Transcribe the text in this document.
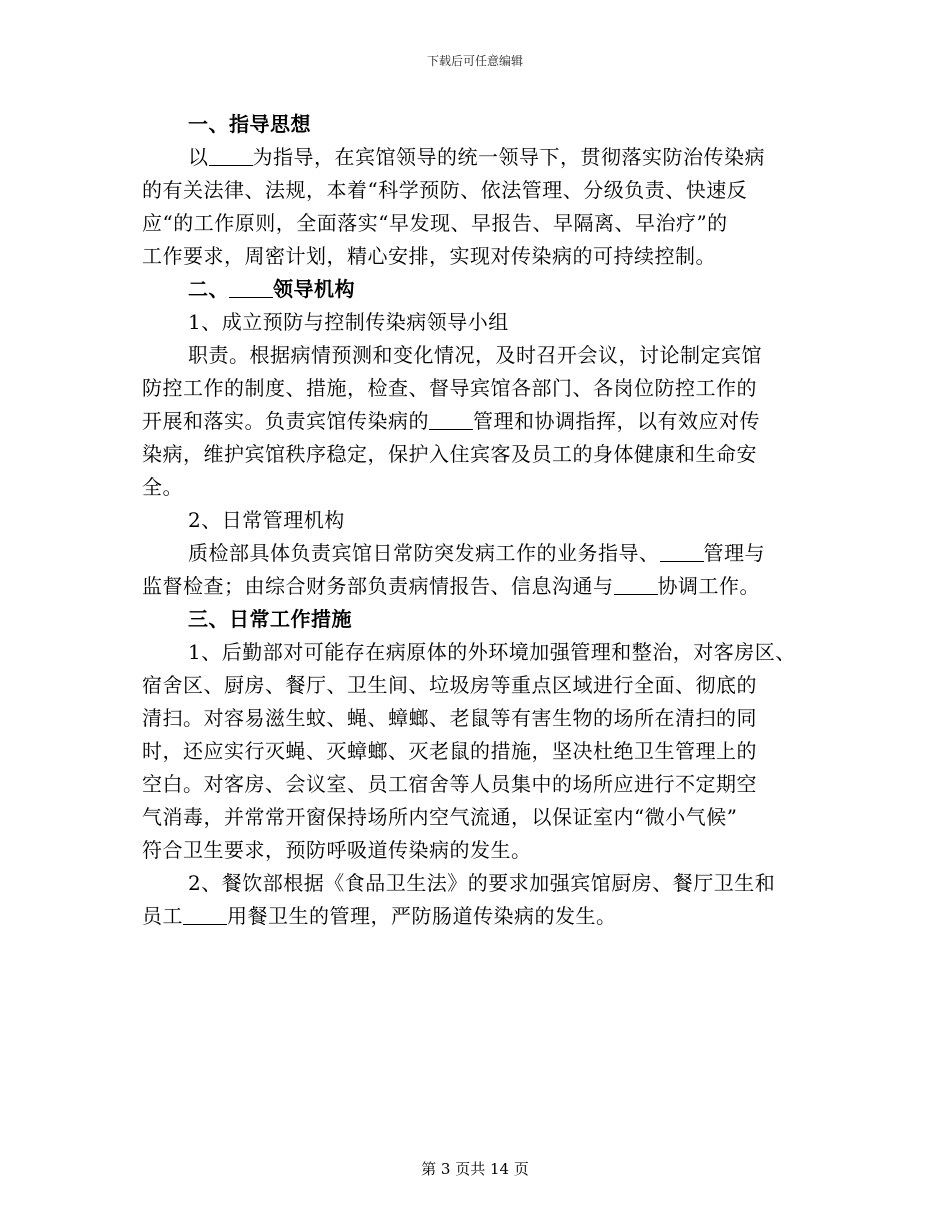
下载后可任意编辑
一、指导思想
以 为指导，在宾馆领导的统一领导下，贯彻落实防治传染病
的有关法律、法规，本着“科学预防、依法管理、分级负责、快速反
应“的工作原则，全面落实“早发现、早报告、早隔离、早治疗”的
工作要求，周密计划，精心安排，实现对传染病的可持续控制。
二、 领导机构
1、成立预防与控制传染病领导小组
职责。根据病情预测和变化情况，及时召开会议，讨论制定宾馆
防控工作的制度、措施，检查、督导宾馆各部门、各岗位防控工作的
开展和落实。负责宾馆传染病的 管理和协调指挥，以有效应对传
染病，维护宾馆秩序稳定，保护入住宾客及员工的身体健康和生命安
全。
2、日常管理机构
质检部具体负责宾馆日常防突发病工作的业务指导、 管理与
监督检查；由综合财务部负责病情报告、信息沟通与 协调工作。
三、日常工作措施
1、后勤部对可能存在病原体的外环境加强管理和整治，对客房区、
宿舍区、厨房、餐厅、卫生间、垃圾房等重点区域进行全面、彻底的
清扫。对容易滋生蚊、蝇、蟑螂、老鼠等有害生物的场所在清扫的同
时，还应实行灭蝇、灭蟑螂、灭老鼠的措施，坚决杜绝卫生管理上的
空白。对客房、会议室、员工宿舍等人员集中的场所应进行不定期空
气消毒，并常常开窗保持场所内空气流通，以保证室内“微小气候”
符合卫生要求，预防呼吸道传染病的发生。
2、餐饮部根据《食品卫生法》的要求加强宾馆厨房、餐厅卫生和
员工 用餐卫生的管理，严防肠道传染病的发生。
第 3 页共 14 页
